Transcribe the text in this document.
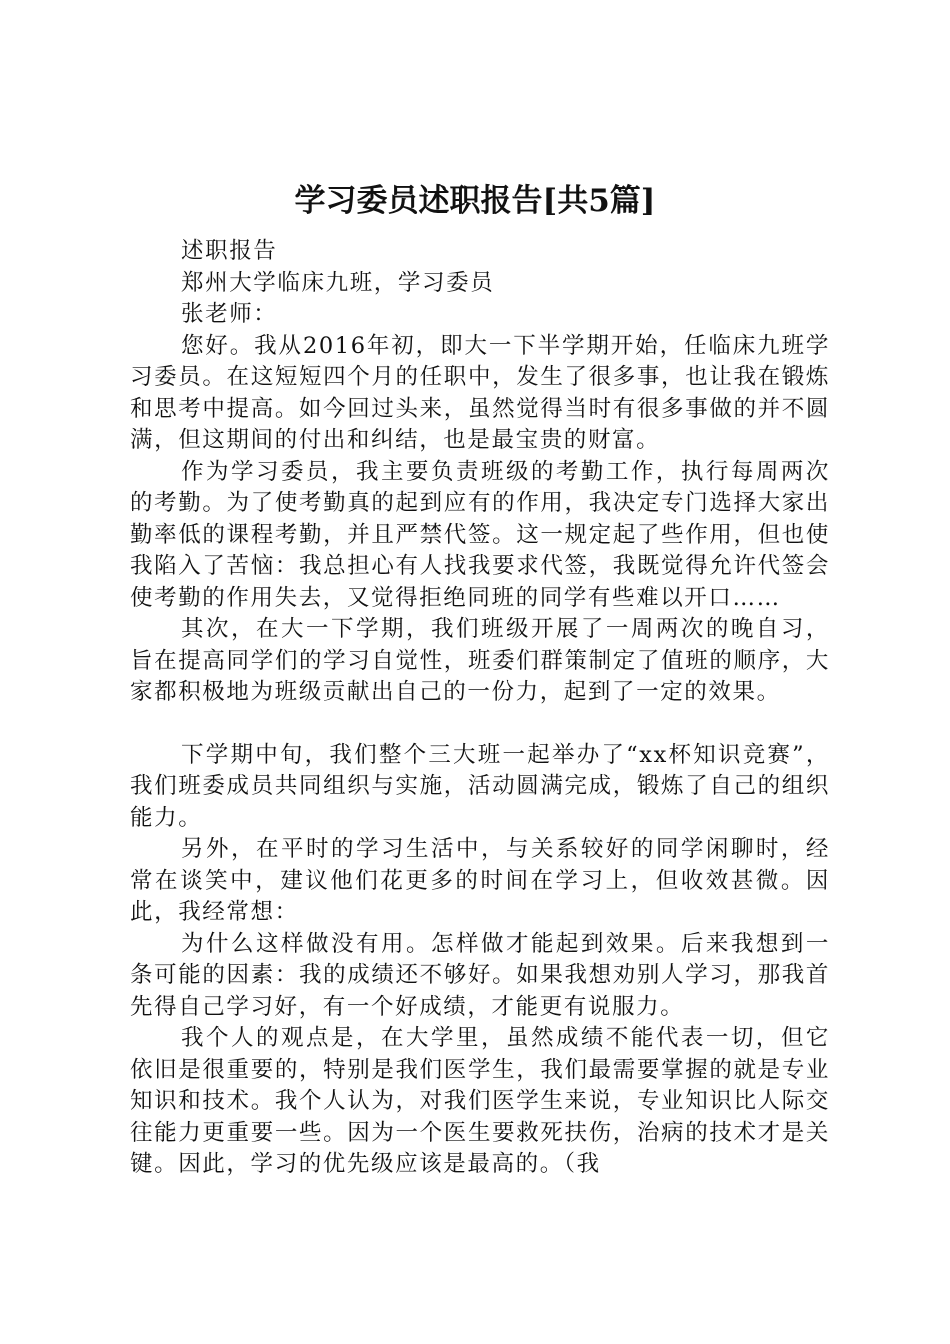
学习委员述职报告[共5篇]

述职报告

郑州大学临床九班，学习委员

张老师：

您好。我从2016年初，即大一下半学期开始，任临床九班学习委员。在这短短四个月的任职中，发生了很多事，也让我在锻炼和思考中提高。如今回过头来，虽然觉得当时有很多事做的并不圆满，但这期间的付出和纠结，也是最宝贵的财富。

作为学习委员，我主要负责班级的考勤工作，执行每周两次的考勤。为了使考勤真的起到应有的作用，我决定专门选择大家出勤率低的课程考勤，并且严禁代签。这一规定起了些作用，但也使我陷入了苦恼：我总担心有人找我要求代签，我既觉得允许代签会使考勤的作用失去，又觉得拒绝同班的同学有些难以开口……

其次，在大一下学期，我们班级开展了一周两次的晚自习，旨在提高同学们的学习自觉性，班委们群策制定了值班的顺序，大家都积极地为班级贡献出自己的一份力，起到了一定的效果。

下学期中旬，我们整个三大班一起举办了“xx杯知识竞赛”，我们班委成员共同组织与实施，活动圆满完成，锻炼了自己的组织能力。

另外，在平时的学习生活中，与关系较好的同学闲聊时，经常在谈笑中，建议他们花更多的时间在学习上，但收效甚微。因此，我经常想：

为什么这样做没有用。怎样做才能起到效果。后来我想到一条可能的因素：我的成绩还不够好。如果我想劝别人学习，那我首先得自己学习好，有一个好成绩，才能更有说服力。

我个人的观点是，在大学里，虽然成绩不能代表一切，但它依旧是很重要的，特别是我们医学生，我们最需要掌握的就是专业知识和技术。我个人认为，对我们医学生来说，专业知识比人际交往能力更重要一些。因为一个医生要救死扶伤，治病的技术才是关键。因此，学习的优先级应该是最高的。（我
